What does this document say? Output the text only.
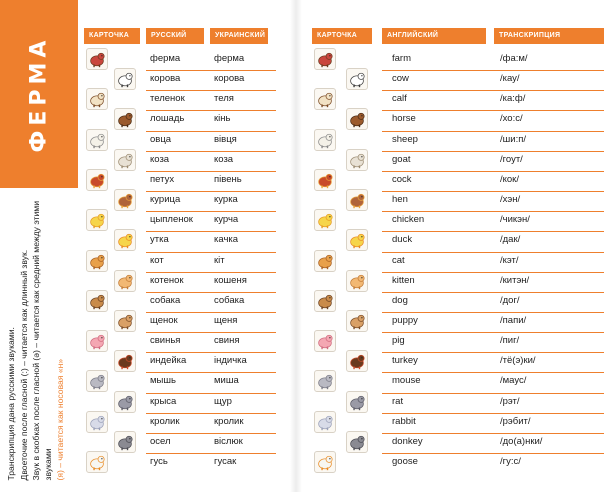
ФЕРМА

Транскрипция дана русскими звуками. Двоеточие после гласной (:) – читается как длинный звук. Звук в скобках после гласной (ә) – читается как средний между этими звуками (я) – читается как носовая «н»

КАРТОЧКА	РУССКИЙ	УКРАИНСКИЙ
ферма	ферма
корова	корова
теленок	теля
лошадь	кінь
овца	вівця
коза	коза
петух	півень
курица	курка
цыпленок курча
утка	качка
кот	кіт
котенок	кошеня
собака	собака
щенок	щеня
свинья	свиня
индейка	індичка
мышь	миша
крыса	щур
кролик	кролик
осел	віслюк
гусь	гусак
КАРТОЧКА	АНГЛИЙСКИЙ	ТРАНСКРИПЦИЯ
farm	/фа:м/
cow	/кау/
calf	/ка:ф/
horse	/хо:с/
sheep	/ши:п/
goat	/гоут/
cock	/кок/
hen	/хэн/
chicken	/чикэн/
duck	/дак/
cat	/кэт/
kitten	/китэн/
dog	/дог/
puppy	/папи/
pig	/пиг/
turkey	/тё(э)ки/
mouse	/маус/
rat	/рэт/
rabbit	/рэбит/
donkey	/до(а)нки/
goose	/гу:с/
